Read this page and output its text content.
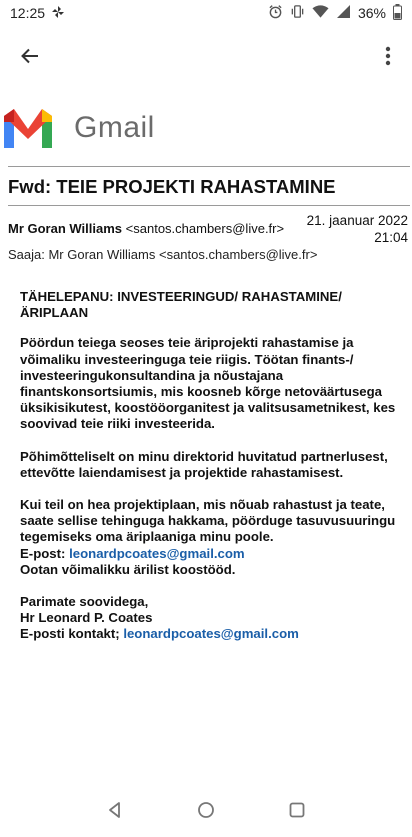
12:25	36%
Gmail
Fwd: TEIE PROJEKTI RAHASTAMINE
Mr Goran Williams <santos.chambers@live.fr>
21. jaanuar 2022
21:04
Saaja: Mr Goran Williams <santos.chambers@live.fr>

TÄHELEPANU: INVESTEERINGUD/ RAHASTAMINE/ÄRIPLAAN

Pöördun teiega seoses teie äriprojekti rahastamise ja võimaliku investeeringuga teie riigis. Töötan finants-/ investeeringukonsultandina ja nõustajana finantskonsortsiumis, mis koosneb kõrge netoväärtusega üksikisikutest, koostööorganitest ja valitsusametnikest, kes soovivad teie riiki investeerida.

Põhimõtteliselt on minu direktorid huvitatud partnerlusest, ettevõtte laiendamisest ja projektide rahastamisest.

Kui teil on hea projektiplaan, mis nõuab rahastust ja teate, saate sellise tehinguga hakkama, pöörduge tasuvusuuringu tegemiseks oma äriplaaniga minu poole.
E-post: leonardpcoates@gmail.com
Ootan võimalikku ärilist koostööd.

Parimate soovidega,
Hr Leonard P. Coates
E-posti kontakt; leonardpcoates@gmail.com
